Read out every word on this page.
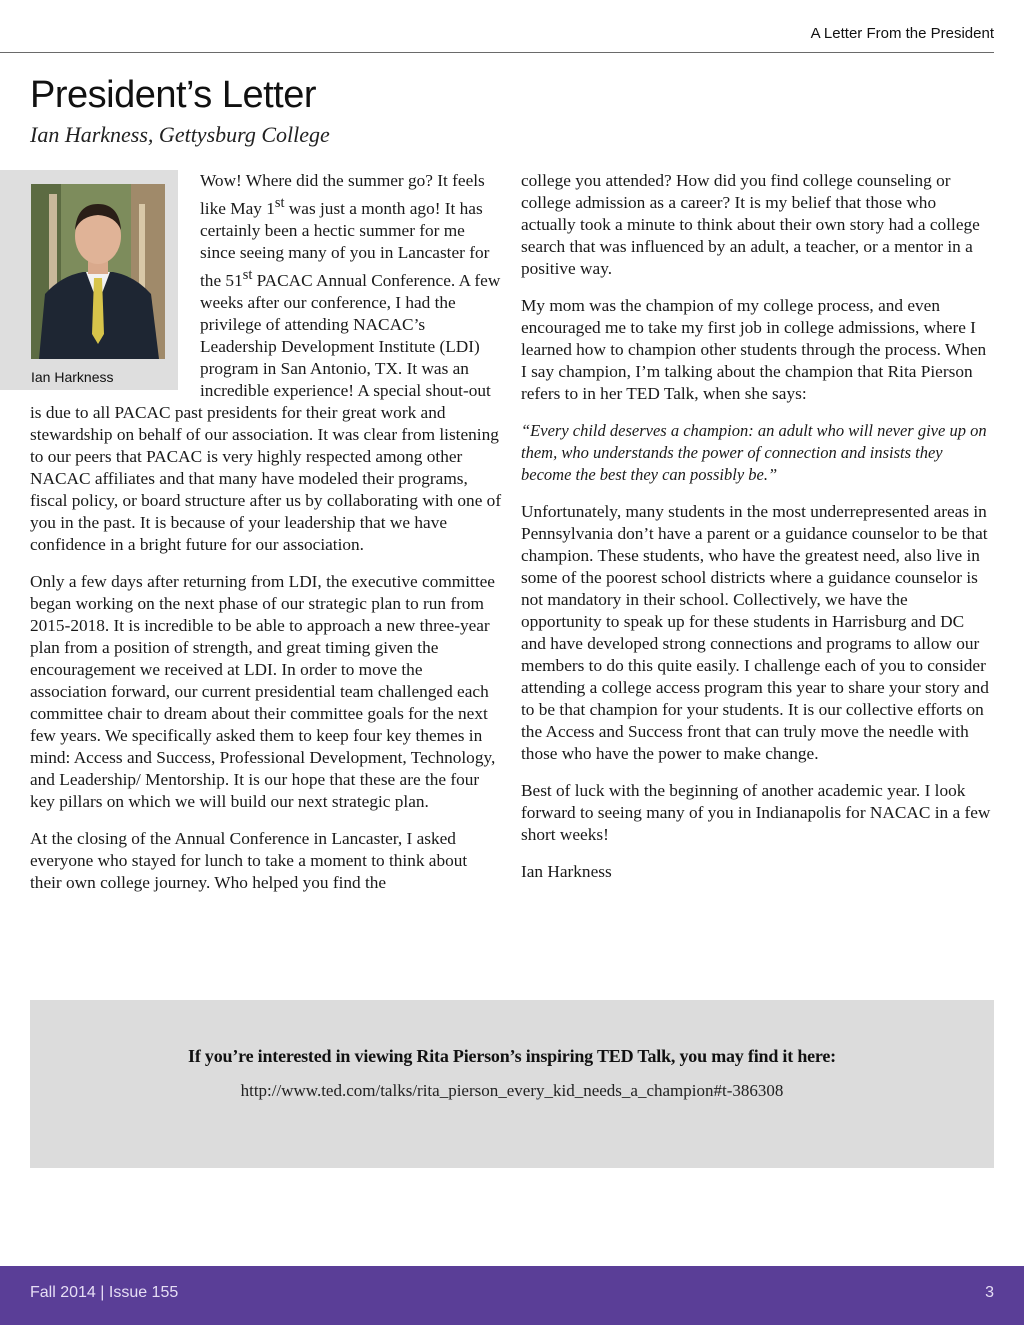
A Letter From the President
President’s Letter
Ian Harkness, Gettysburg College
Ian Harkness

Wow! Where did the summer go? It feels like May 1st was just a month ago! It has certainly been a hectic summer for me since seeing many of you in Lancaster for the 51st PACAC Annual Conference. A few weeks after our conference, I had the privilege of attending NACAC’s Leadership Development Institute (LDI) program in San Antonio, TX. It was an incredible experience! A special shout-out is due to all PACAC past presidents for their great work and stewardship on behalf of our association. It was clear from listening to our peers that PACAC is very highly respected among other NACAC affiliates and that many have modeled their programs, fiscal policy, or board structure after us by collaborating with one of you in the past. It is because of your leadership that we have confidence in a bright future for our association.

Only a few days after returning from LDI, the executive committee began working on the next phase of our strategic plan to run from 2015-2018. It is incredible to be able to approach a new three-year plan from a position of strength, and great timing given the encouragement we received at LDI. In order to move the association forward, our current presidential team challenged each committee chair to dream about their committee goals for the next few years. We specifically asked them to keep four key themes in mind: Access and Success, Professional Development, Technology, and Leadership/ Mentorship. It is our hope that these are the four key pillars on which we will build our next strategic plan.

At the closing of the Annual Conference in Lancaster, I asked everyone who stayed for lunch to take a moment to think about their own college journey. Who helped you find the

college you attended? How did you find college counseling or college admission as a career? It is my belief that those who actually took a minute to think about their own story had a college search that was influenced by an adult, a teacher, or a mentor in a positive way.

My mom was the champion of my college process, and even encouraged me to take my first job in college admissions, where I learned how to champion other students through the process. When I say champion, I’m talking about the champion that Rita Pierson refers to in her TED Talk, when she says:

“Every child deserves a champion: an adult who will never give up on them, who understands the power of connection and insists they become the best they can possibly be.”

Unfortunately, many students in the most underrepresented areas in Pennsylvania don’t have a parent or a guidance counselor to be that champion. These students, who have the greatest need, also live in some of the poorest school districts where a guidance counselor is not mandatory in their school. Collectively, we have the opportunity to speak up for these students in Harrisburg and DC and have developed strong connections and programs to allow our members to do this quite easily. I challenge each of you to consider attending a college access program this year to share your story and to be that champion for your students. It is our collective efforts on the Access and Success front that can truly move the needle with those who have the power to make change.

Best of luck with the beginning of another academic year. I look forward to seeing many of you in Indianapolis for NACAC in a few short weeks!

Ian Harkness

If you’re interested in viewing Rita Pierson’s inspiring TED Talk, you may find it here:
http://www.ted.com/talks/rita_pierson_every_kid_needs_a_champion#t-386308
Fall 2014 | Issue 155	3
